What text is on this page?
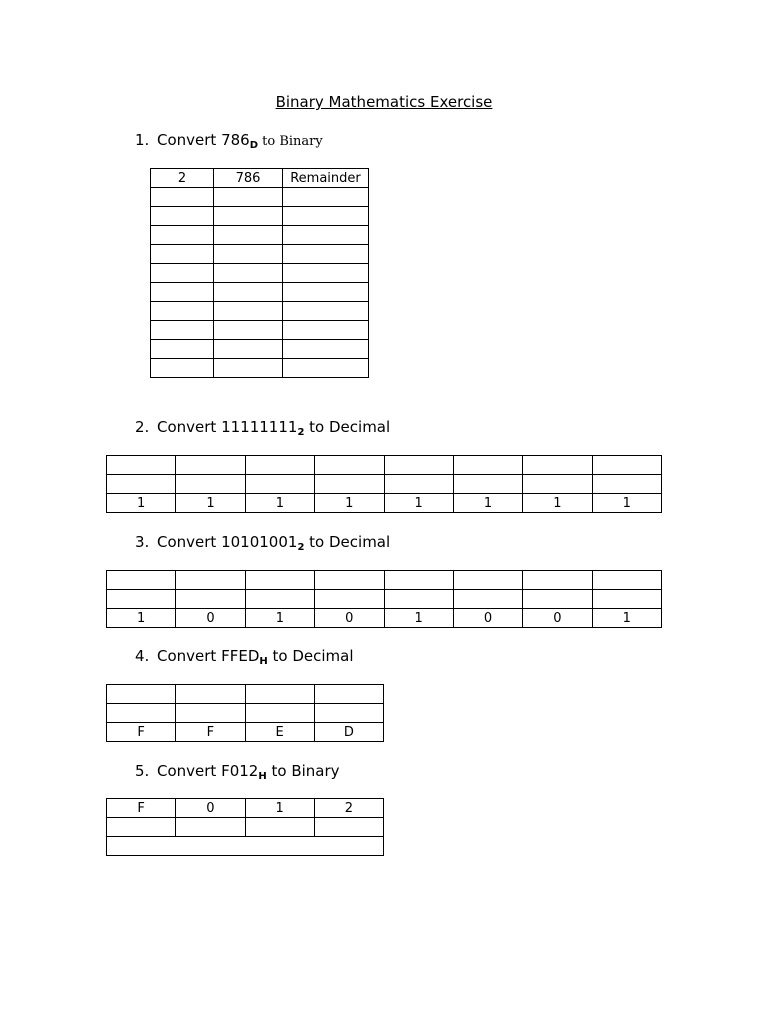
Binary Mathematics Exercise
1. Convert $786_D$ to Binary
2	786	Remainder

2. Convert $11111111_2$ to Decimal

1	1	1	1	1	1	1	1
3. Convert $10101001_2$ to Decimal

1	0	1	0	1	0	0	1
4. Convert $FFED_H$ to Decimal

F	F	E	D
5. Convert $F012_H$ to Binary
F	0	1	2
